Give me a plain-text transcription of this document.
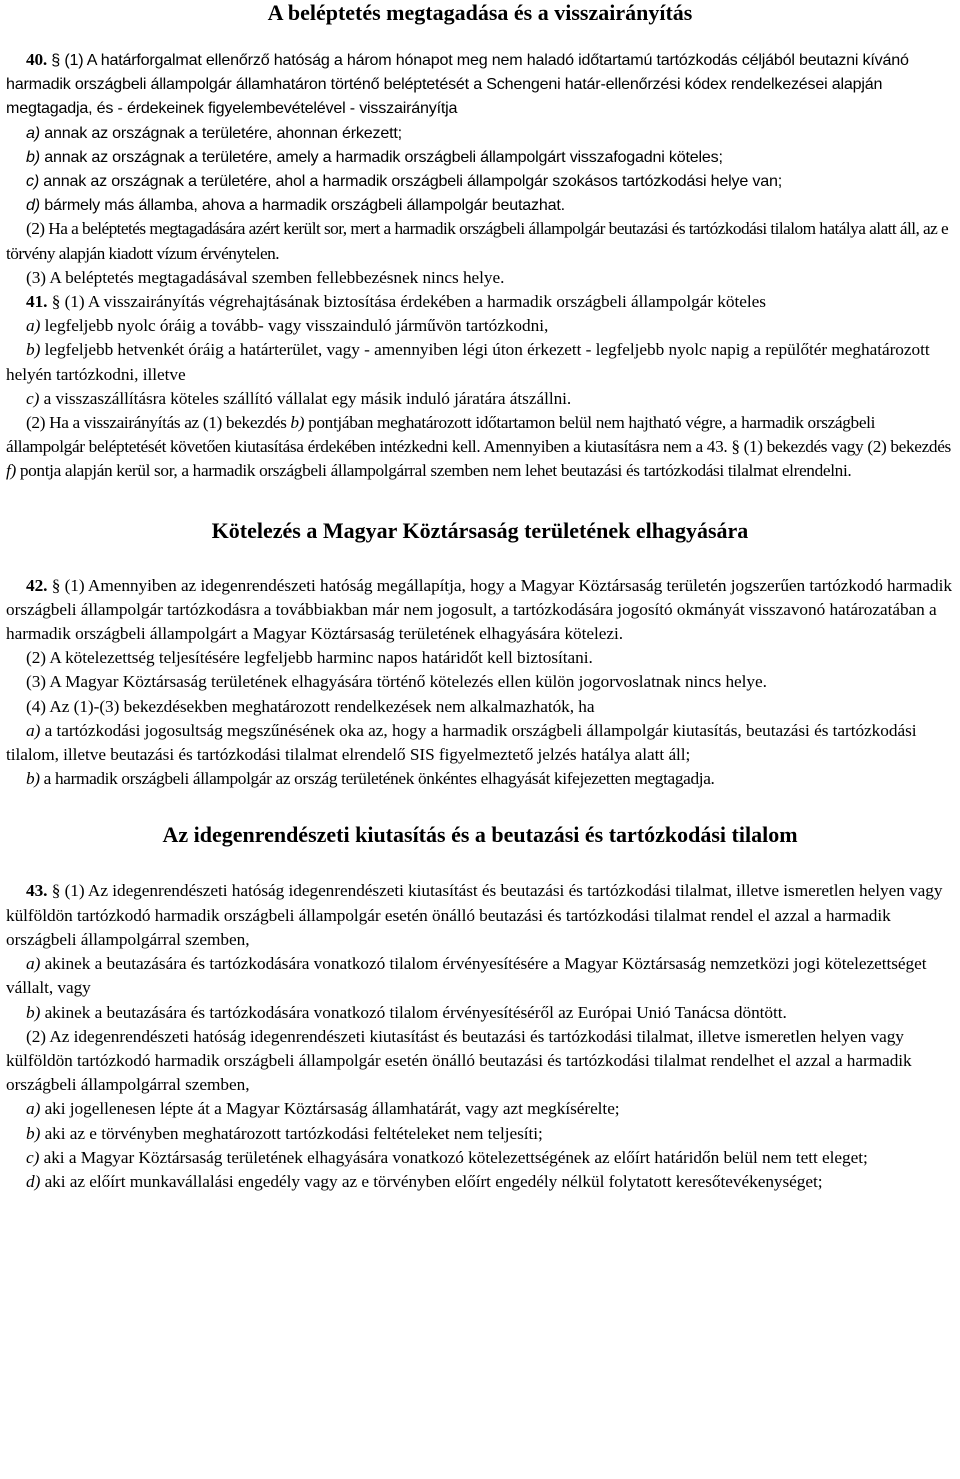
A beléptetés megtagadása és a visszairányítás

40. § (1) A határforgalmat ellenőrző hatóság a három hónapot meg nem haladó időtartamú tartózkodás céljából beutazni kívánó harmadik országbeli állampolgár államhatáron történő beléptetését a Schengeni határ-ellenőrzési kódex rendelkezései alapján megtagadja, és - érdekeinek figyelembevételével - visszairányítja

a) annak az országnak a területére, ahonnan érkezett;

b) annak az országnak a területére, amely a harmadik országbeli állampolgárt visszafogadni köteles;

c) annak az országnak a területére, ahol a harmadik országbeli állampolgár szokásos tartózkodási helye van;

d) bármely más államba, ahova a harmadik országbeli állampolgár beutazhat.

(2) Ha a beléptetés megtagadására azért került sor, mert a harmadik országbeli állampolgár beutazási és tartózkodási tilalom hatálya alatt áll, az e törvény alapján kiadott vízum érvénytelen.

(3) A beléptetés megtagadásával szemben fellebbezésnek nincs helye.

41. § (1) A visszairányítás végrehajtásának biztosítása érdekében a harmadik országbeli állampolgár köteles

a) legfeljebb nyolc óráig a tovább- vagy visszainduló járművön tartózkodni,

b) legfeljebb hetvenkét óráig a határterület, vagy - amennyiben légi úton érkezett - legfeljebb nyolc napig a repülőtér meghatározott helyén tartózkodni, illetve

c) a visszaszállításra köteles szállító vállalat egy másik induló járatára átszállni.

(2) Ha a visszairányítás az (1) bekezdés b) pontjában meghatározott időtartamon belül nem hajtható végre, a harmadik országbeli állampolgár beléptetését követően kiutasítása érdekében intézkedni kell. Amennyiben a kiutasításra nem a 43. § (1) bekezdés vagy (2) bekezdés f) pontja alapján kerül sor, a harmadik országbeli állampolgárral szemben nem lehet beutazási és tartózkodási tilalmat elrendelni.

Kötelezés a Magyar Köztársaság területének elhagyására

42. § (1) Amennyiben az idegenrendészeti hatóság megállapítja, hogy a Magyar Köztársaság területén jogszerűen tartózkodó harmadik országbeli állampolgár tartózkodásra a továbbiakban már nem jogosult, a tartózkodására jogosító okmányát visszavonó határozatában a harmadik országbeli állampolgárt a Magyar Köztársaság területének elhagyására kötelezi.

(2) A kötelezettség teljesítésére legfeljebb harminc napos határidőt kell biztosítani.

(3) A Magyar Köztársaság területének elhagyására történő kötelezés ellen külön jogorvoslatnak nincs helye.

(4) Az (1)-(3) bekezdésekben meghatározott rendelkezések nem alkalmazhatók, ha

a) a tartózkodási jogosultság megszűnésének oka az, hogy a harmadik országbeli állampolgár kiutasítás, beutazási és tartózkodási tilalom, illetve beutazási és tartózkodási tilalmat elrendelő SIS figyelmeztető jelzés hatálya alatt áll;

b) a harmadik országbeli állampolgár az ország területének önkéntes elhagyását kifejezetten megtagadja.

Az idegenrendészeti kiutasítás és a beutazási és tartózkodási tilalom

43. § (1) Az idegenrendészeti hatóság idegenrendészeti kiutasítást és beutazási és tartózkodási tilalmat, illetve ismeretlen helyen vagy külföldön tartózkodó harmadik országbeli állampolgár esetén önálló beutazási és tartózkodási tilalmat rendel el azzal a harmadik országbeli állampolgárral szemben,

a) akinek a beutazására és tartózkodására vonatkozó tilalom érvényesítésére a Magyar Köztársaság nemzetközi jogi kötelezettséget vállalt, vagy

b) akinek a beutazására és tartózkodására vonatkozó tilalom érvényesítéséről az Európai Unió Tanácsa döntött.

(2) Az idegenrendészeti hatóság idegenrendészeti kiutasítást és beutazási és tartózkodási tilalmat, illetve ismeretlen helyen vagy külföldön tartózkodó harmadik országbeli állampolgár esetén önálló beutazási és tartózkodási tilalmat rendelhet el azzal a harmadik országbeli állampolgárral szemben,

a) aki jogellenesen lépte át a Magyar Köztársaság államhatárát, vagy azt megkísérelte;

b) aki az e törvényben meghatározott tartózkodási feltételeket nem teljesíti;

c) aki a Magyar Köztársaság területének elhagyására vonatkozó kötelezettségének az előírt határidőn belül nem tett eleget;

d) aki az előírt munkavállalási engedély vagy az e törvényben előírt engedély nélkül folytatott keresőtevékenységet;
